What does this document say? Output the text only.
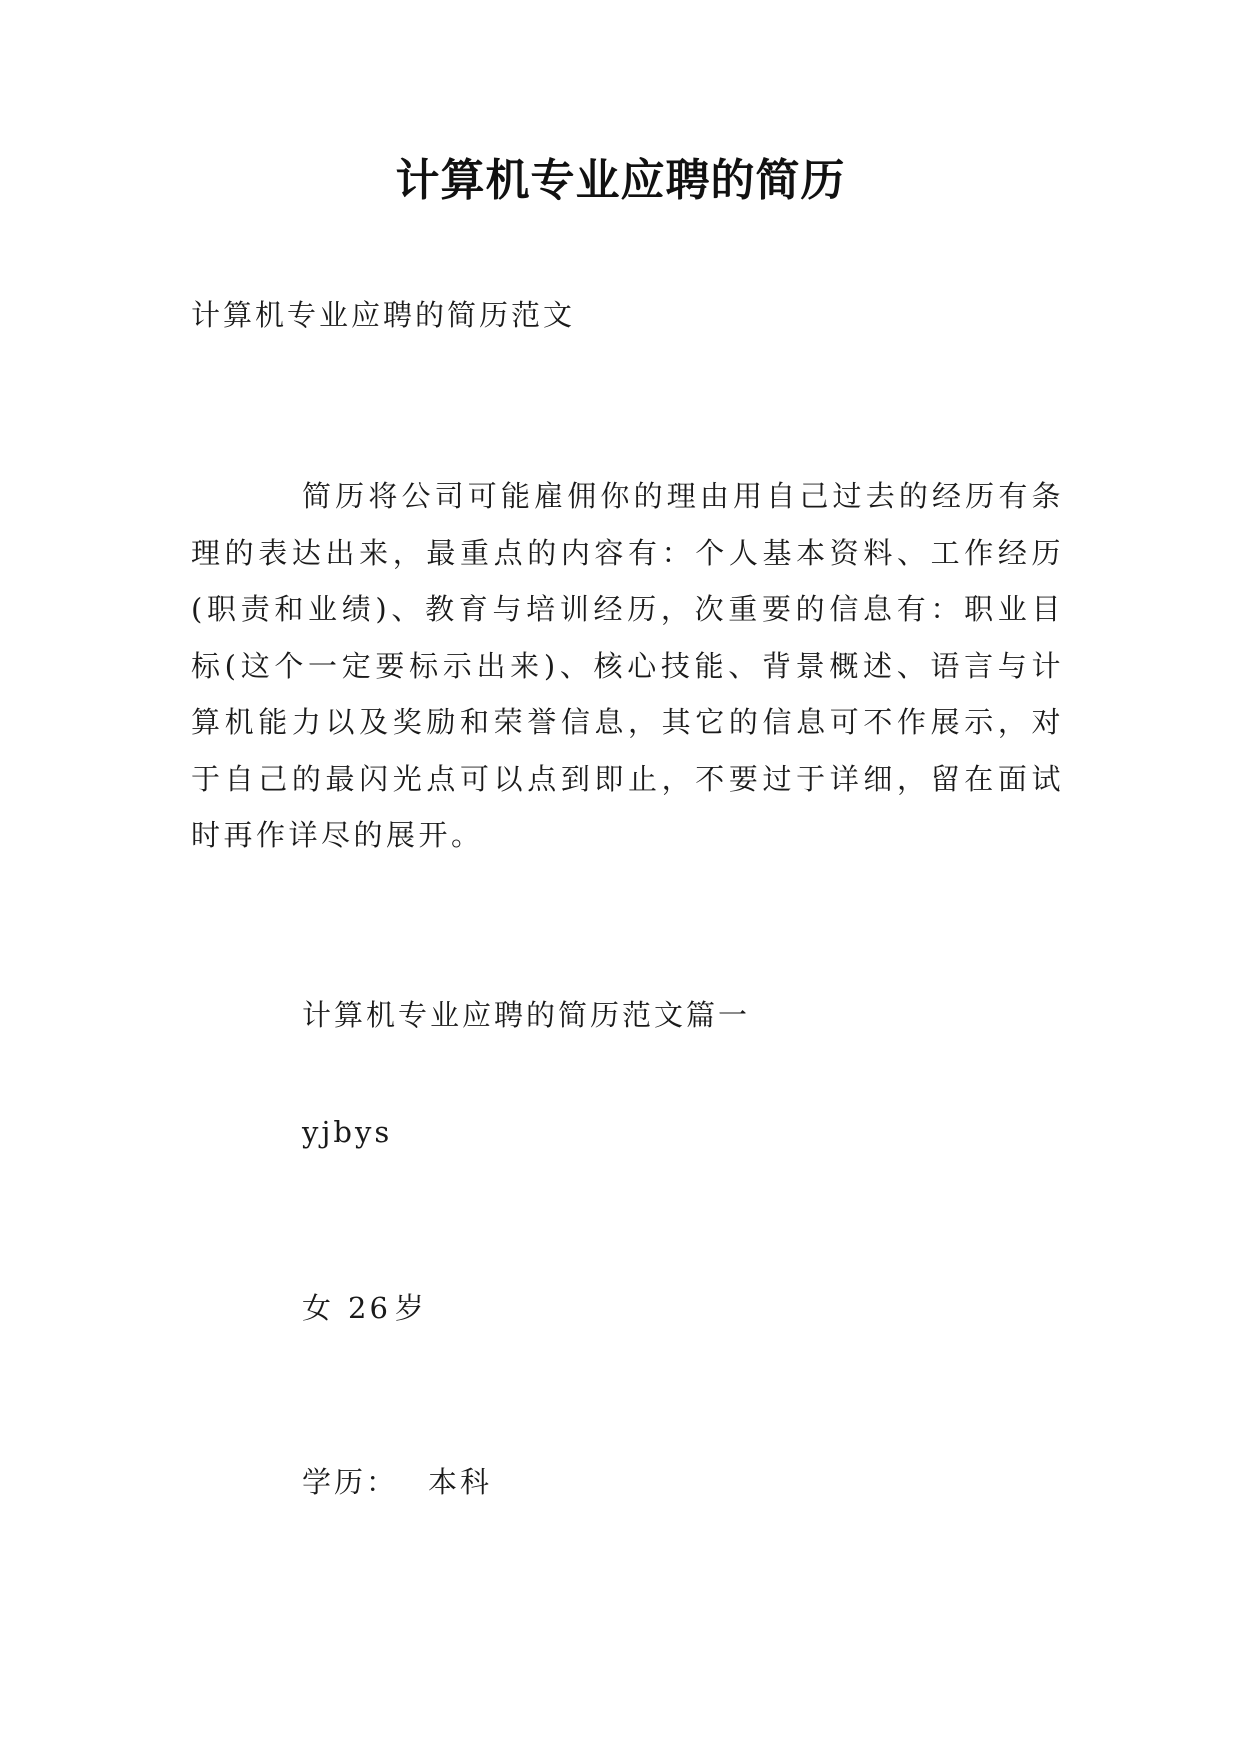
计算机专业应聘的简历

计算机专业应聘的简历范文

简历将公司可能雇佣你的理由用自己过去的经历有条理的表达出来，最重点的内容有：个人基本资料、工作经历(职责和业绩)、教育与培训经历，次重要的信息有：职业目标(这个一定要标示出来)、核心技能、背景概述、语言与计算机能力以及奖励和荣誉信息，其它的信息可不作展示，对于自己的最闪光点可以点到即止，不要过于详细，留在面试时再作详尽的展开。

计算机专业应聘的简历范文篇一

yjbys

女 26 岁

学历： 本科
